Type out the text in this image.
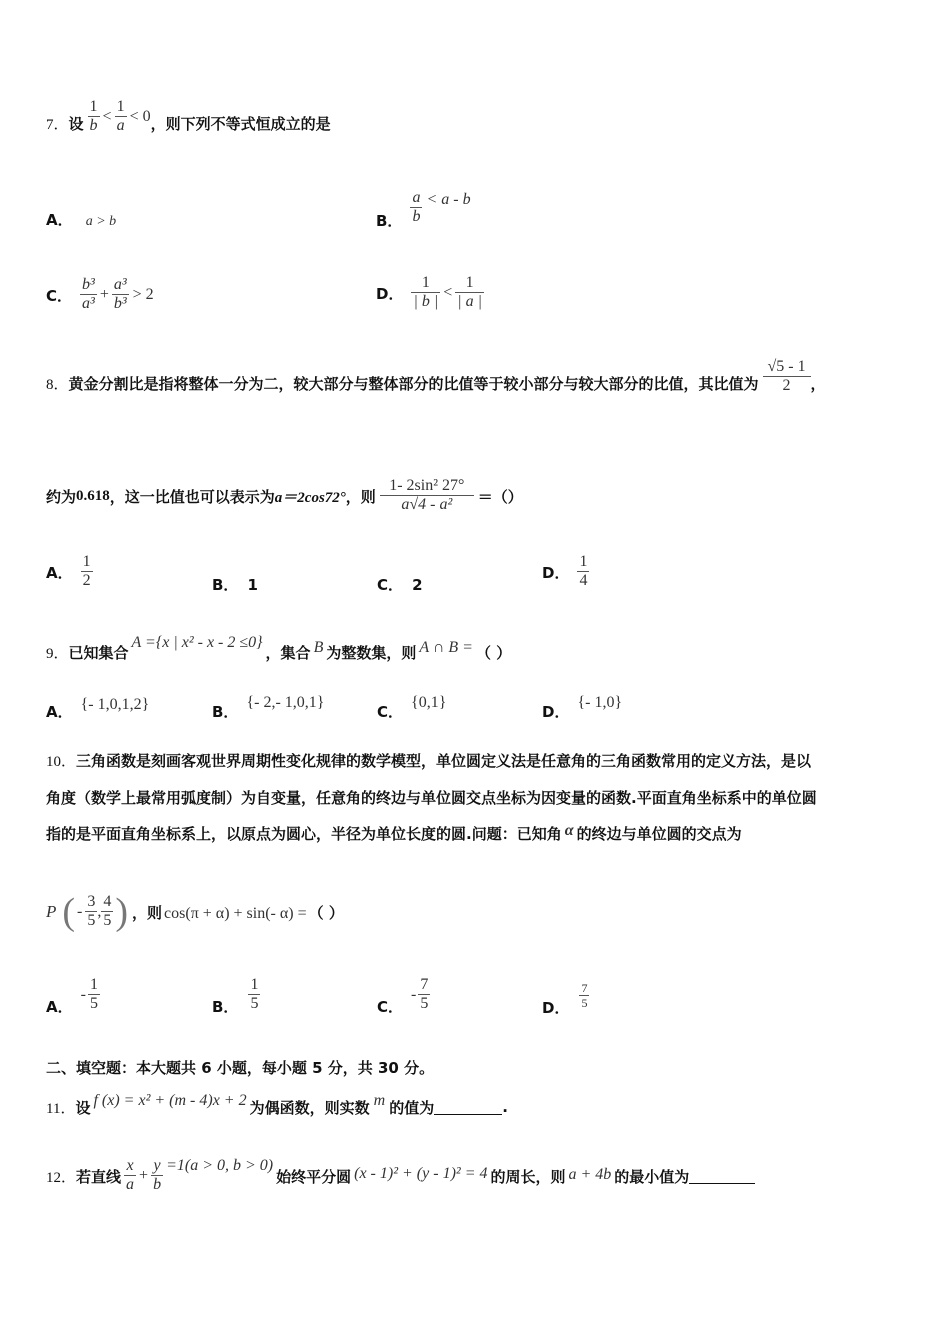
7． 设 $\frac{1}{b} < \frac{1}{a} < 0$ ，则下列不等式恒成立的是
A． a > b	B． $\frac{a}{b} < a - b$
C． $\frac{\text{b³}}{\text{a³}} + \frac{\text{a³}}{\text{b³}} > 2$	D． $\frac{1}{| b |} < \frac{1}{| a |}$
8． 黄金分割比是指将整体一分为二，较大部分与整体部分的比值等于较小部分与较大部分的比值，其比值为 $\frac{√5 - 1}{2}$ ，
约为 0.618 ，这一比值也可以表示为 a＝2cos72° ，则 $\frac{\text{1- 2sin² 27°}}{\text{a√4 - a²}}$ ＝（）
A． $\frac{1}{2}$	B． 1	C． 2
D． $\frac{1}{4}$
9． 已知集合
A ={x | x² - x - 2 ≤0}
，集合 B 为整数集，则 A ∩ B = （ ）
A． {- 1,0,1,2}	B．
{- 2,- 1,0,1}
C．
{0,1}
D．
{- 1,0}
10．三角函数是刻画客观世界周期性变化规律的数学模型，单位圆定义法是任意角的三角函数常用的定义方法，是以
角度（数学上最常用弧度制）为自变量，任意角的终边与单位圆交点坐标为因变量的函数.平面直角坐标系中的单位圆
指的是平面直角坐标系上，以原点为圆心，半径为单位长度的圆.问题：已知角 α 的终边与单位圆的交点为
P ( - $\frac{3}{5}$ , $\frac{4}{5}$ ) ，则 cos(π + α) + sin(- α) = （ ）
A．
- $\frac{1}{5}$	B． $\frac{1}{5}$	C．
- $\frac{7}{5}$	D． $\frac{7}{5}$
二、填空题：本大题共 6 小题，每小题 5 分，共 30 分。
11． 设 f (x) = x² + (m - 4)x + 2 为偶函数，则实数 m 的值为	.
12． 若直线 $\frac{x}{a} + \frac{y}{b} =1(a > 0$, b > 0)
始终平分圆 (x - 1)² + (y - 1)² = 4 的周长，则 a + 4b 的最小值为
